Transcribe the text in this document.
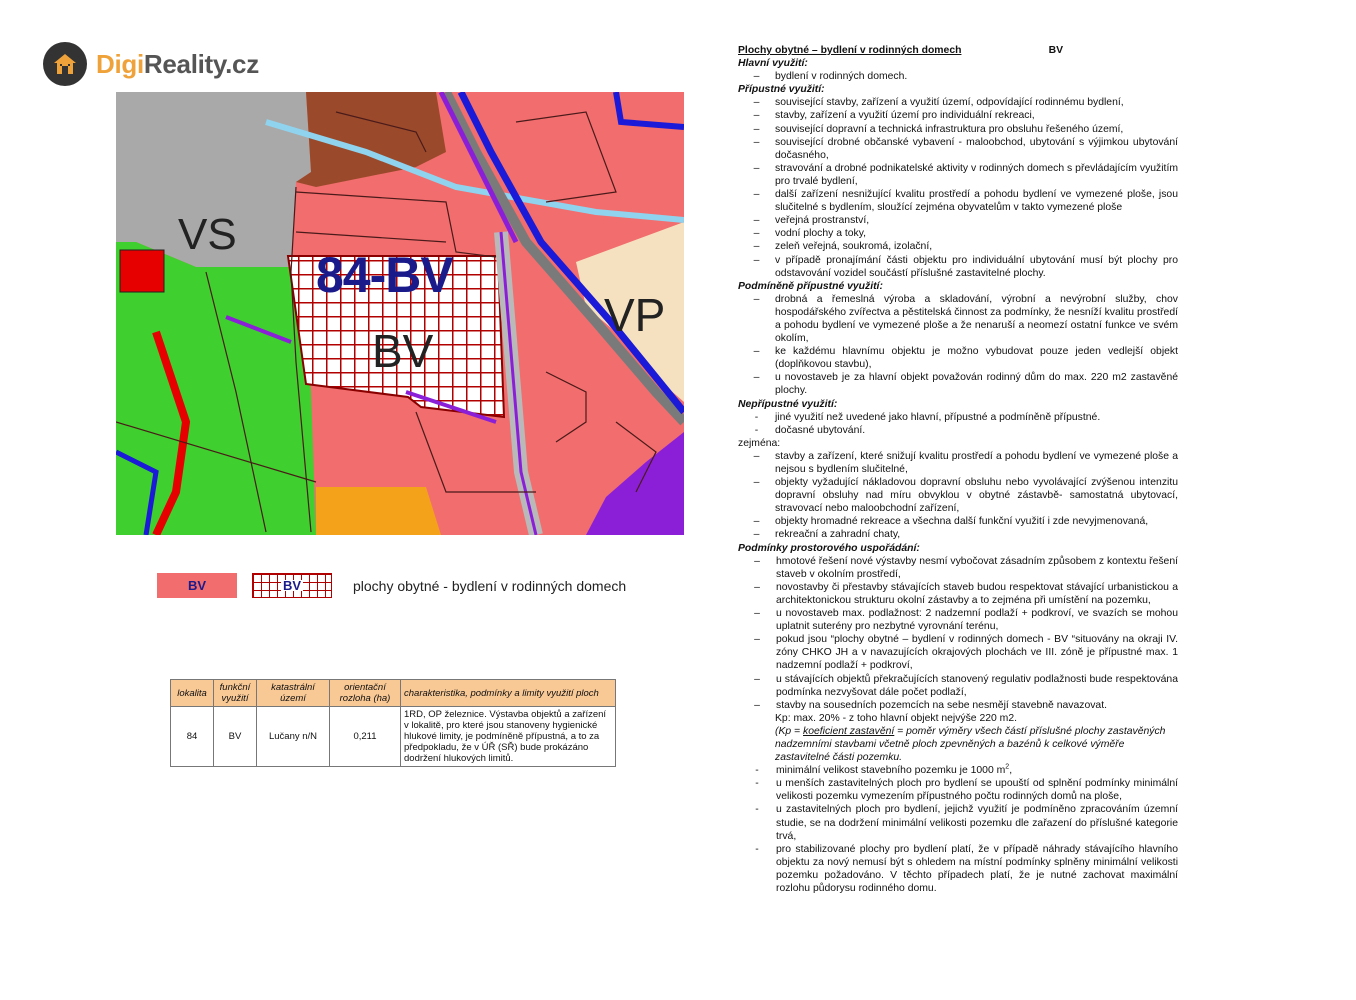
DigiReality.cz
VS
84-BV
BV
VP
BV	BV	plochy obytné - bydlení v rodinných domech
lokalita	funkční využití	katastrální území	orientační rozloha (ha)	charakteristika, podmínky a limity využití ploch
84	BV	Lučany n/N	0,211	1RD, OP železnice. Výstavba objektů a zařízení v lokalitě, pro které jsou stanoveny hygienické hlukové limity, je podmíněně přípustná, a to za předpokladu, že v ÚŘ (SŘ) bude prokázáno dodržení hlukových limitů.
Plochy obytné – bydlení v rodinných domech	BV
Hlavní využití:
–	bydlení v rodinných domech.
Přípustné využití:
–	související stavby, zařízení a využití území, odpovídající rodinnému bydlení,
–	stavby, zařízení a využití území pro individuální rekreaci,
–	související dopravní a technická infrastruktura pro obsluhu řešeného území,
–	související drobné občanské vybavení - maloobchod, ubytování s výjimkou ubytování dočasného,
–	stravování a drobné podnikatelské aktivity v rodinných domech s převládajícím využitím pro trvalé bydlení,
–	další zařízení nesnižující kvalitu prostředí a pohodu bydlení ve vymezené ploše, jsou slučitelné s bydlením, sloužící zejména obyvatelům v takto vymezené ploše
–	veřejná prostranství,
–	vodní plochy a toky,
–	zeleň veřejná, soukromá, izolační,
–	v případě pronajímání části objektu pro individuální ubytování musí být plochy pro odstavování vozidel součástí příslušné zastavitelné plochy.
Podmíněně přípustné využití:
–	drobná a řemeslná výroba a skladování, výrobní a nevýrobní služby, chov hospodářského zvířectva a pěstitelská činnost za podmínky, že nesníží kvalitu prostředí a pohodu bydlení ve vymezené ploše a že nenaruší a neomezí ostatní funkce ve svém okolím,
–	ke každému hlavnímu objektu je možno vybudovat pouze jeden vedlejší objekt (doplňkovou stavbu),
–	u novostaveb je za hlavní objekt považován rodinný dům do max. 220 m2 zastavěné plochy.
Nepřípustné využití:
-	jiné využití než uvedené jako hlavní, přípustné a podmíněně přípustné.
-	dočasné ubytování.
zejména:
–	stavby a zařízení, které snižují kvalitu prostředí a pohodu bydlení ve vymezené ploše a nejsou s bydlením slučitelné,
–	objekty vyžadující nákladovou dopravní obsluhu nebo vyvolávající zvýšenou intenzitu dopravní obsluhy nad míru obvyklou v obytné zástavbě- samostatná ubytovací, stravovací nebo maloobchodní zařízení,
–	objekty hromadné rekreace a všechna další funkční využití i zde nevyjmenovaná,
–	rekreační a zahradní chaty,
Podmínky prostorového uspořádání:
–	hmotové řešení nové výstavby nesmí vybočovat zásadním způsobem z kontextu řešení staveb v okolním prostředí,
–	novostavby či přestavby stávajících staveb budou respektovat stávající urbanistickou a architektonickou strukturu okolní zástavby a to zejména při umístění na pozemku,
–	u novostaveb max. podlažnost: 2 nadzemní podlaží + podkroví, ve svazích se mohou uplatnit suterény pro nezbytné vyrovnání terénu,
–	pokud jsou “plochy obytné – bydlení v rodinných domech - BV “situovány na okraji IV. zóny CHKO JH a v navazujících okrajových plochách ve III. zóně je přípustné max. 1 nadzemní podlaží + podkroví,
–	u stávajících objektů překračujících stanovený regulativ podlažnosti bude respektována podmínka nezvyšovat dále počet podlaží,
–	stavby na sousedních pozemcích na sebe nesmějí stavebně navazovat.
Kp: max. 20% - z toho hlavní objekt nejvýše 220 m2.
(Kp = koeficient zastavění = poměr výměry všech částí příslušné plochy zastavěných nadzemními stavbami včetně ploch zpevněných a bazénů k celkové výměře zastavitelné části pozemku.
-	minimální velikost stavebního pozemku je 1000 $m^2$,
-	u menších zastavitelných ploch pro bydlení se upouští od splnění podmínky minimální velikosti pozemku vymezením přípustného počtu rodinných domů na ploše,
-	u zastavitelných ploch pro bydlení, jejichž využití je podmíněno zpracováním územní studie, se na dodržení minimální velikosti pozemku dle zařazení do příslušné kategorie trvá,
-	pro stabilizované plochy pro bydlení platí, že v případě náhrady stávajícího hlavního objektu za nový nemusí být s ohledem na místní podmínky splněny minimální velikosti pozemku požadováno. V těchto případech platí, že je nutné zachovat maximální rozlohu půdorysu rodinného domu.
